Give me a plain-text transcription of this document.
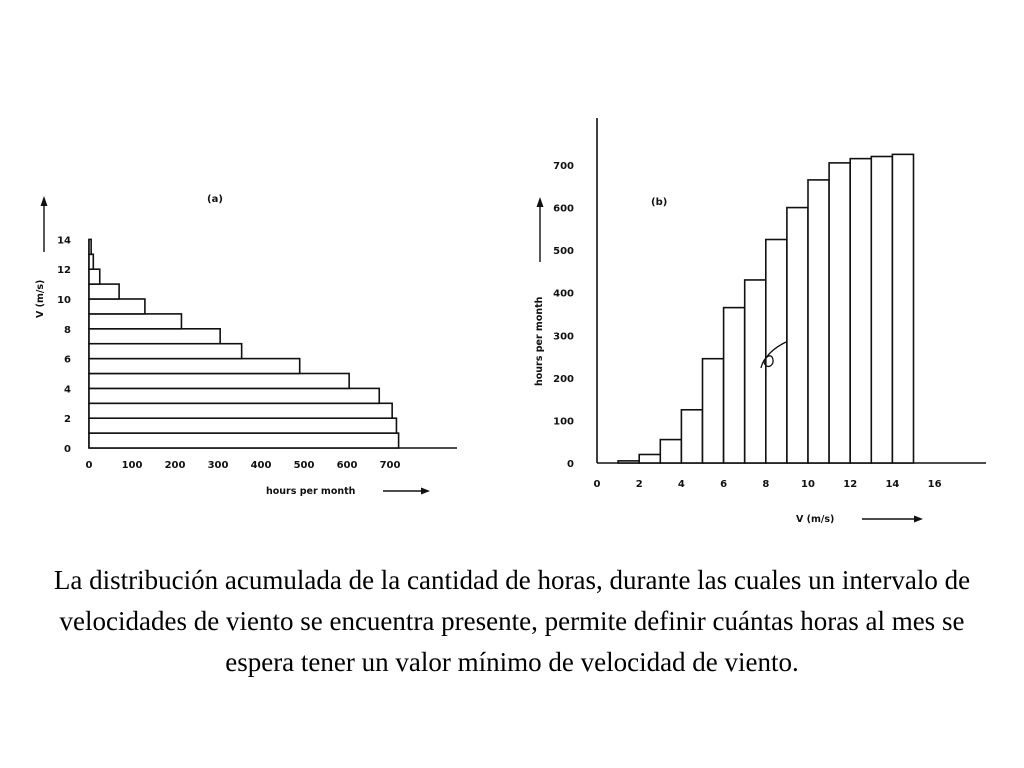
0
2
4
6
8
10
12
14
0	100 200 300 400 500 600 700
(a)
hours per month
V (m/s)
0
100
200
300
400
500
600
700
0	2	4	6	8	10	12	14	16
(b)
V (m/s)
hours per month
La distribución acumulada de la cantidad de horas, durante las cuales un intervalo de velocidades de viento se encuentra presente, permite definir cuántas horas al mes se espera tener un valor mínimo de velocidad de viento.
